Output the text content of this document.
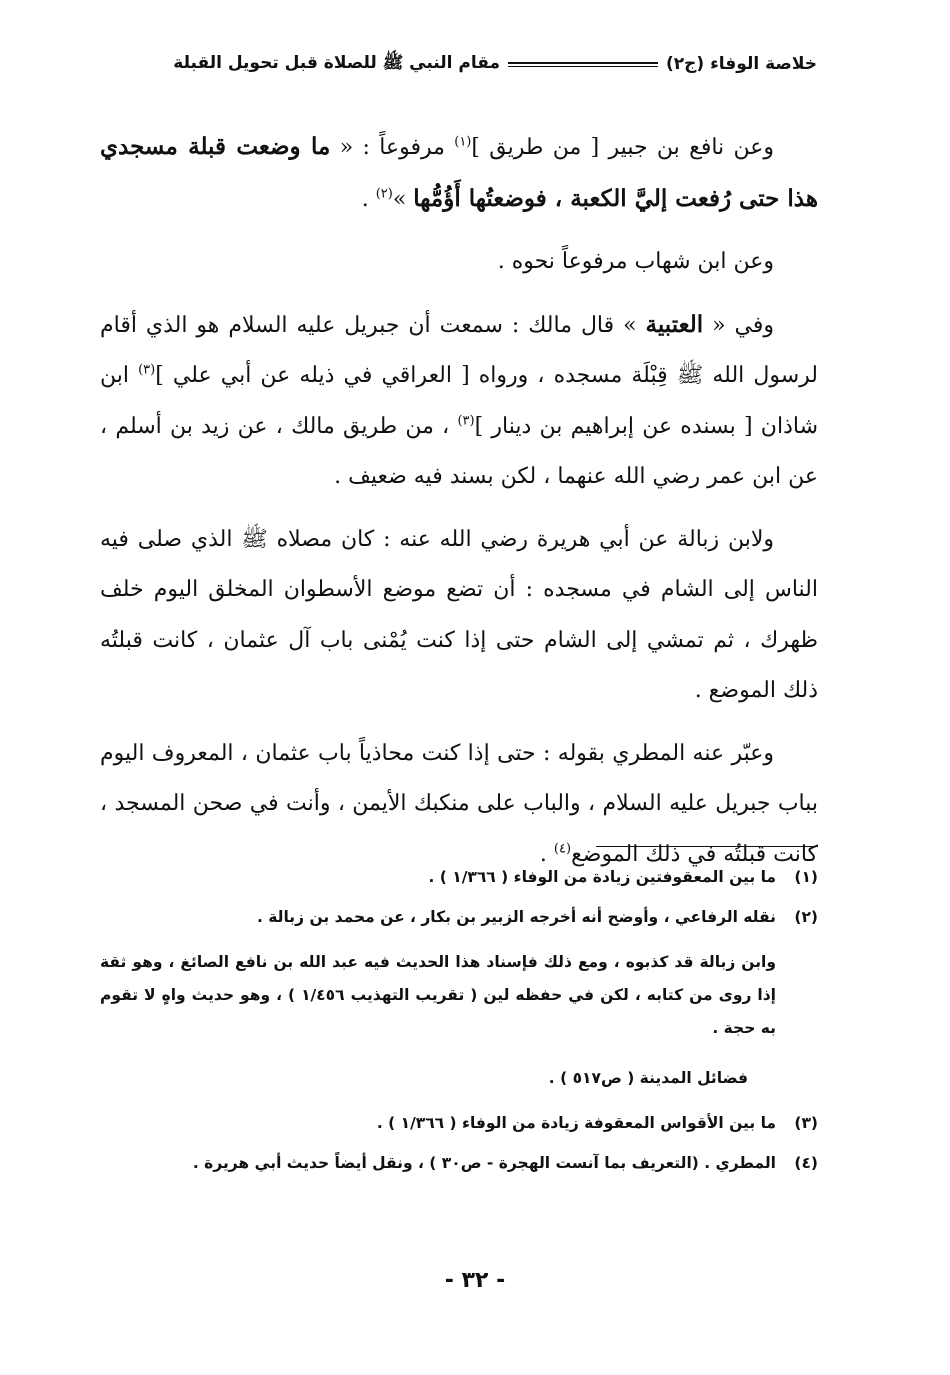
خلاصة الوفاء (ج٢)
مقام النبي ﷺ للصلاة قبل تحويل القبلة

وعن نافع بن جبير [ من طريق ]$^{(١)}$ مرفوعاً : « ما وضعت قبلة مسجدي هذا حتى رُفعت إليَّ الكعبة ، فوضعتُها أَؤُمُّها »$^{(٢)}$ .

وعن ابن شهاب مرفوعاً نحوه .

وفي « العتبية » قال مالك : سمعت أن جبريل عليه السلام هو الذي أقام لرسول الله ﷺ قِبْلَة مسجده ، ورواه [ العراقي في ذيله عن أبي علي ]$^{(٣)}$ ابن شاذان [ بسنده عن إبراهيم بن دينار ]$^{(٣)}$ ، من طريق مالك ، عن زيد بن أسلم ، عن ابن عمر رضي الله عنهما ، لكن بسند فيه ضعيف .

ولابن زبالة عن أبي هريرة رضي الله عنه : كان مصلاه ﷺ الذي صلى فيه الناس إلى الشام في مسجده : أن تضع موضع الأسطوان المخلق اليوم خلف ظهرك ، ثم تمشي إلى الشام حتى إذا كنت يُمْنى باب آل عثمان ، كانت قبلتُه ذلك الموضع .

وعبّر عنه المطري بقوله : حتى إذا كنت محاذياً باب عثمان ، المعروف اليوم بباب جبريل عليه السلام ، والباب على منكبك الأيمن ، وأنت في صحن المسجد ، كانت قبلتُه في ذلك الموضع$^{(٤)}$ .

(١)
ما بين المعقوفتين زيادة من الوفاء ( ١/٣٦٦ ) .
(٢)
نقله الرفاعي ، وأوضح أنه أخرجه الزبير بن بكار ، عن محمد بن زبالة .
وابن زبالة قد كذبوه ، ومع ذلك فإسناد هذا الحديث فيه عبد الله بن نافع الصائغ ، وهو ثقة إذا روى من كتابه ، لكن في حفظه لين ( تقريب التهذيب ١/٤٥٦ ) ، وهو حديث واهٍ لا تقوم به حجة .
فضائل المدينة ( ص٥١٧ ) .
(٣)
ما بين الأقواس المعقوفة زيادة من الوفاء ( ١/٣٦٦ ) .
(٤)
المطري . (التعريف بما آنست الهجرة - ص٣٠ ) ، ونقل أيضاً حديث أبي هريرة .
- ٣٢ -
